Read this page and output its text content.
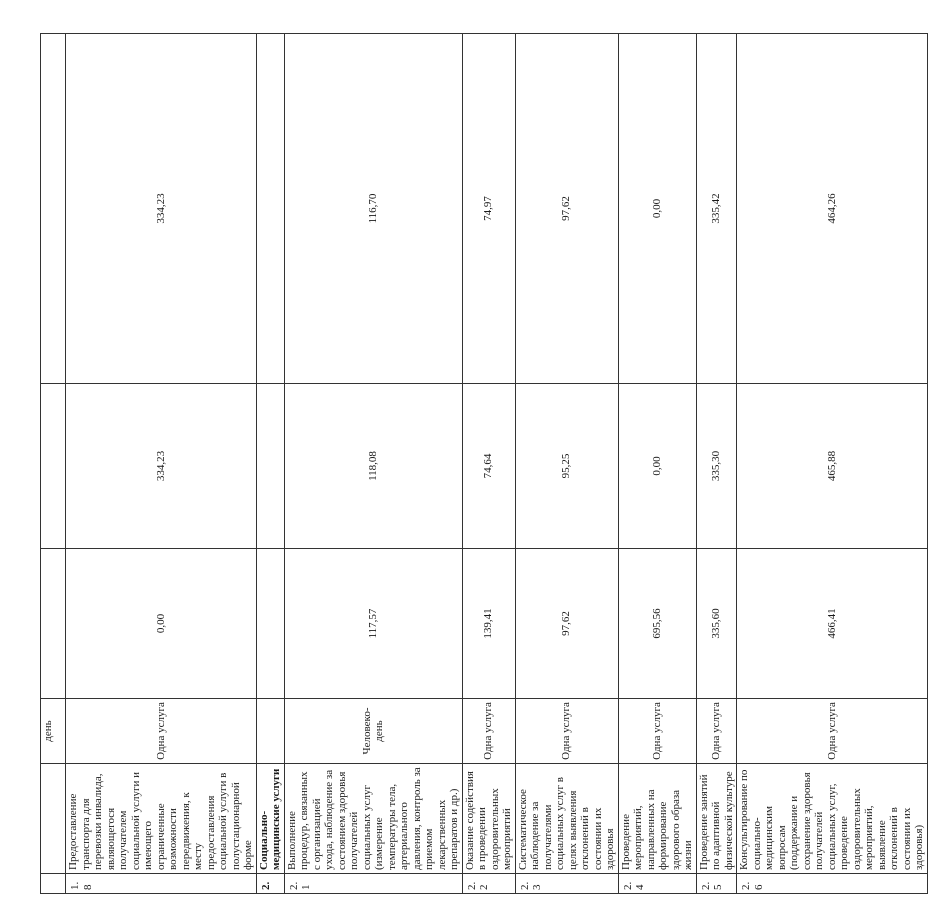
		день			
1.8	Предоставление транспорта для перевозки инвалида, являющегося получателем социальной услуги и имеющего ограниченные возможности передвижения, к месту предоставления социальной услуги в полустационарной форме	Одна услуга	0,00	334,23	334,23
2.	Социально-медицинские услуги				
2.1	Выполнение процедур, связанных с организацией ухода, наблюдение за состоянием здоровья получателей социальных услуг (измерение температуры тела, артериального давления, контроль за приемом лекарственных препаратов и др.)	Человеко-день	117,57	118,08	116,70
2.2	Оказание содействия в проведении оздоровительных мероприятий	Одна услуга	139,41	74,64	74,97
2.3	Систематическое наблюдение за получателями социальных услуг в целях выявления отклонений в состоянии их здоровья	Одна услуга	97,62	95,25	97,62
2.4	Проведение мероприятий, направленных на формирование здорового образа жизни	Одна услуга	695,56	0,00	0,00
2.5	Проведение занятий по адаптивной физической культуре	Одна услуга	335,60	335,30	335,42
2.6	Консультирование по социально-медицинским вопросам (поддержание и сохранение здоровья получателей социальных услуг, проведение оздоровительных мероприятий, выявление отклонений в состоянии их здоровья)	Одна услуга	466,41	465,88	464,26
